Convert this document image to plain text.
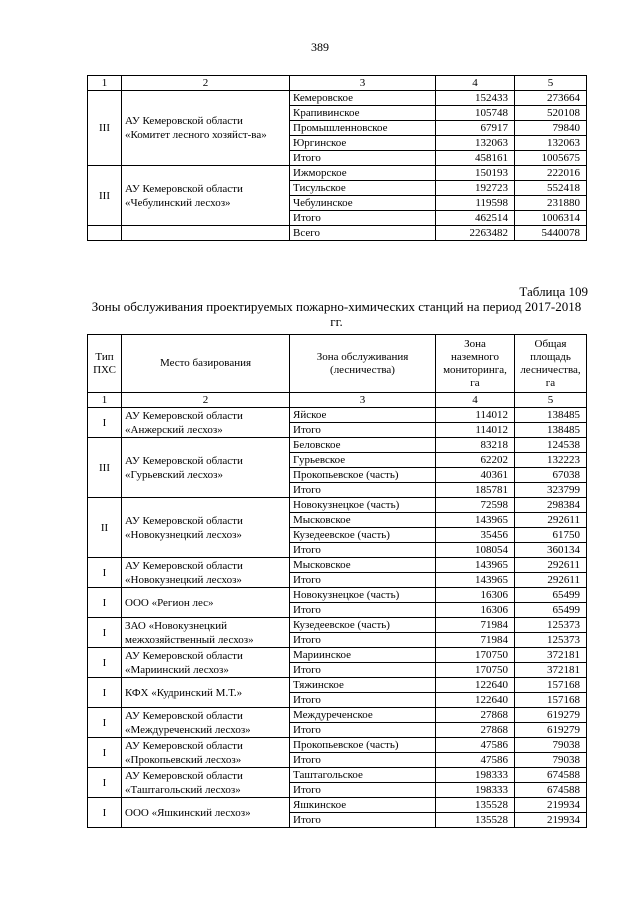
389
1	2	3	4	5
III	АУ Кемеровской области «Комитет лесного хозяйст-ва»	Кемеровское	152433	273664
		Крапивинское	105748	520108
		Промышленновское	67917	79840
		Юргинское	132063	132063
		Итого	458161	1005675
III	АУ Кемеровской области «Чебулинский лесхоз»	Ижморское	150193	222016
		Тисульское	192723	552418
		Чебулинское	119598	231880
		Итого	462514	1006314
		Всего	2263482	5440078
Таблица 109
Зоны обслуживания проектируемых пожарно-химических станций на период 2017-2018 гг.
Тип ПХС	Место базирования	Зона обслуживания (лесничества)	Зона наземного мониторинга, га	Общая площадь лесничества, га
1	2	3	4	5
I	АУ Кемеровской области «Анжерский лесхоз»	Яйское	114012	138485
		Итого	114012	138485
III	АУ Кемеровской области «Гурьевский лесхоз»	Беловское	83218	124538
		Гурьевское	62202	132223
		Прокопьевское (часть)	40361	67038
		Итого	185781	323799
II	АУ Кемеровской области «Новокузнецкий лесхоз»	Новокузнецкое (часть)	72598	298384
		Мысковское	143965	292611
		Кузедеевское (часть)	35456	61750
		Итого	108054	360134
I	АУ Кемеровской области «Новокузнецкий лесхоз»	Мысковское	143965	292611
		Итого	143965	292611
I	ООО «Регион лес»	Новокузнецкое (часть)	16306	65499
		Итого	16306	65499
I	ЗАО «Новокузнецкий межхозяйственный лесхоз»	Кузедеевское (часть)	71984	125373
		Итого	71984	125373
I	АУ Кемеровской области «Мариинский лесхоз»	Мариинское	170750	372181
		Итого	170750	372181
I	КФХ «Кудринский М.Т.»	Тяжинское	122640	157168
		Итого	122640	157168
I	АУ Кемеровской области «Междуреченский лесхоз»	Междуреченское	27868	619279
		Итого	27868	619279
I	АУ Кемеровской области «Прокопьевский лесхоз»	Прокопьевское (часть)	47586	79038
		Итого	47586	79038
I	АУ Кемеровской области «Таштагольский лесхоз»	Таштагольское	198333	674588
		Итого	198333	674588
I	ООО «Яшкинский лесхоз»	Яшкинское	135528	219934
		Итого	135528	219934
